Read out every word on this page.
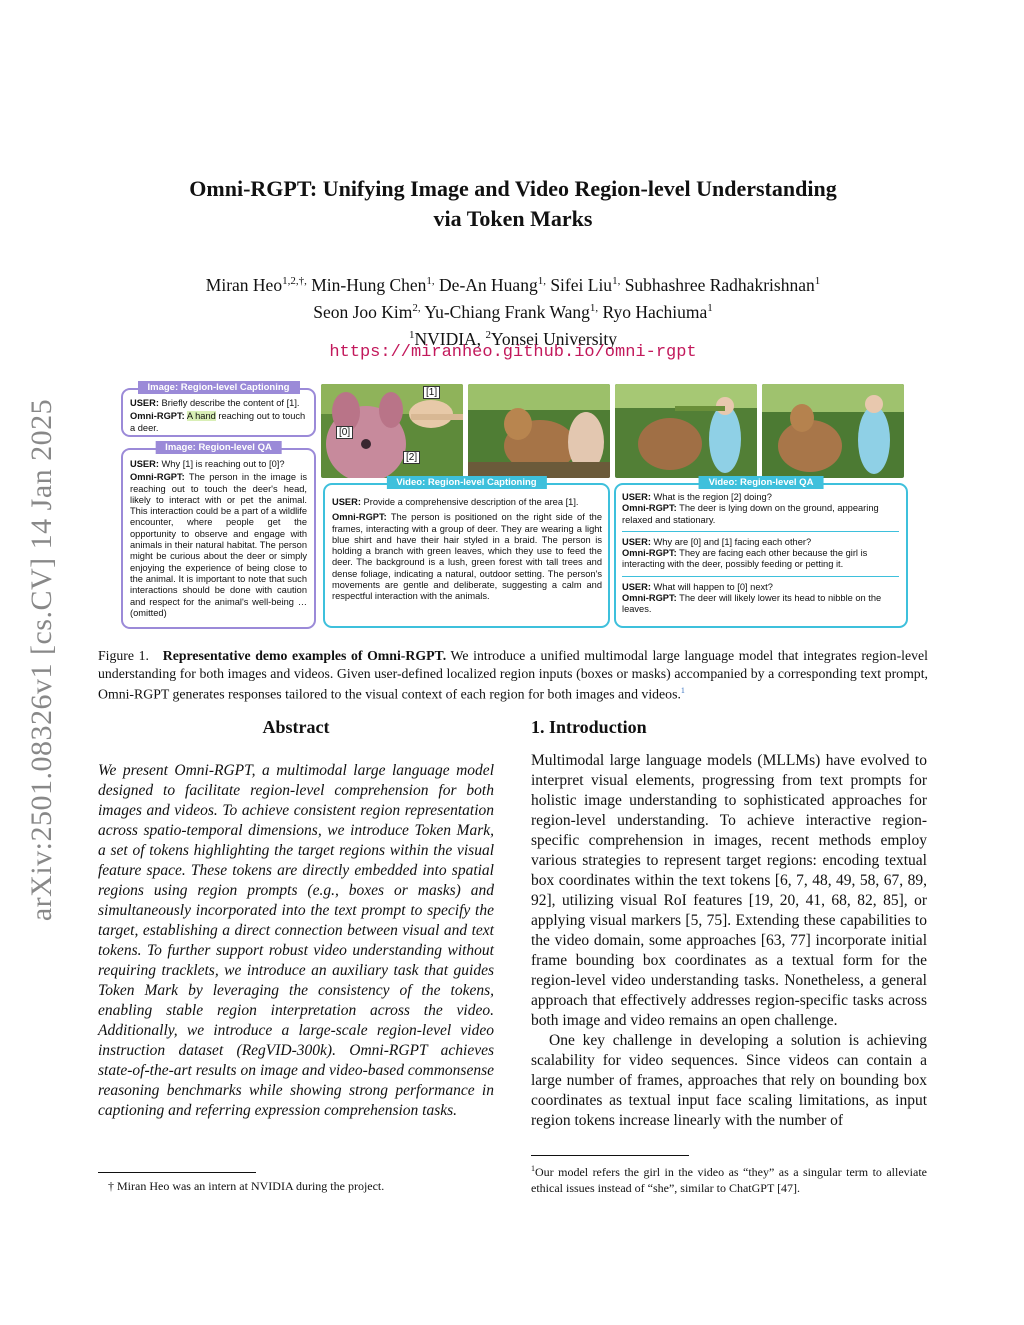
arXiv:2501.08326v1 [cs.CV] 14 Jan 2025
Omni-RGPT: Unifying Image and Video Region-level Understanding
via Token Marks
Miran Heo$^{1,2,\dagger,}$ Min-Hung Chen$^{1,}$ De-An Huang$^{1,}$ Sifei Liu$^{1,}$ Subhashree Radhakrishnan$^1$
Seon Joo Kim$^{2,}$ Yu-Chiang Frank Wang$^{1,}$ Ryo Hachiuma$^1$
$^1$NVIDIA, $^2$Yonsei University
https://miranheo.github.io/omni-rgpt
Image: Region-level Captioning

USER: Briefly describe the content of [1].

Omni-RGPT: A hand reaching out to touch a deer.

Image: Region-level QA

USER: Why [1] is reaching out to [0]?

Omni-RGPT: The person in the image is reaching out to touch the deer's head, likely to interact with or pet the animal. This interaction could be a part of a wildlife encounter, where people get the opportunity to observe and engage with animals in their natural habitat. The person might be curious about the deer or simply enjoying the experience of being close to the animal. It is important to note that such interactions should be done with caution and respect for the animal's well-being … (omitted)

[1]
[0]
[2]
Video: Region-level Captioning

USER: Provide a comprehensive description of the area [1].

Omni-RGPT: The person is positioned on the right side of the frames, interacting with a group of deer. They are wearing a light blue shirt and have their hair styled in a braid. The person is holding a branch with green leaves, which they use to feed the deer. The background is a lush, green forest with tall trees and dense foliage, indicating a natural, outdoor setting. The person's movements are gentle and deliberate, suggesting a calm and respectful interaction with the animals.

Video: Region-level QA

USER: What is the region [2] doing?

Omni-RGPT: The deer is lying down on the ground, appearing relaxed and stationary.

USER: Why are [0] and [1] facing each other?

Omni-RGPT: They are facing each other because the girl is interacting with the deer, possibly feeding or petting it.

USER: What will happen to [0] next?

Omni-RGPT: The deer will likely lower its head to nibble on the leaves.

Figure 1. Representative demo examples of Omni-RGPT. We introduce a unified multimodal large language model that integrates region-level understanding for both images and videos. Given user-defined localized region inputs (boxes or masks) accompanied by a corresponding text prompt, Omni-RGPT generates responses tailored to the visual context of each region for both images and videos.$^1$
Abstract
We present Omni-RGPT, a multimodal large language model designed to facilitate region-level comprehension for both images and videos. To achieve consistent region representation across spatio-temporal dimensions, we introduce Token Mark, a set of tokens highlighting the target regions within the visual feature space. These tokens are directly embedded into spatial regions using region prompts (e.g., boxes or masks) and simultaneously incorporated into the text prompt to specify the target, establishing a direct connection between visual and text tokens. To further support robust video understanding without requiring tracklets, we introduce an auxiliary task that guides Token Mark by leveraging the consistency of the tokens, enabling stable region interpretation across the video. Additionally, we introduce a large-scale region-level video instruction dataset (RegVID-300k). Omni-RGPT achieves state-of-the-art results on image and video-based commonsense reasoning benchmarks while showing strong performance in captioning and referring expression comprehension tasks.
1. Introduction

Multimodal large language models (MLLMs) have evolved to interpret visual elements, progressing from text prompts for holistic image understanding to sophisticated approaches for region-level understanding. To achieve interactive region-specific comprehension in images, recent methods employ various strategies to represent target regions: encoding textual box coordinates within the text tokens [6, 7, 48, 49, 58, 67, 89, 92], utilizing visual RoI features [19, 20, 41, 68, 82, 85], or applying visual markers [5, 75]. Extending these capabilities to the video domain, some approaches [63, 77] incorporate initial frame bounding box coordinates as a textual form for the region-level video understanding tasks. Nonetheless, a general approach that effectively addresses region-specific tasks across both image and video remains an open challenge.

One key challenge in developing a solution is achieving scalability for video sequences. Since videos can contain a large number of frames, approaches that rely on bounding box coordinates as textual input face scaling limitations, as input region tokens increase linearly with the number of

† Miran Heo was an intern at NVIDIA during the project.
$^1$Our model refers the girl in the video as “they” as a singular term to alleviate ethical issues instead of “she”, similar to ChatGPT [47].
